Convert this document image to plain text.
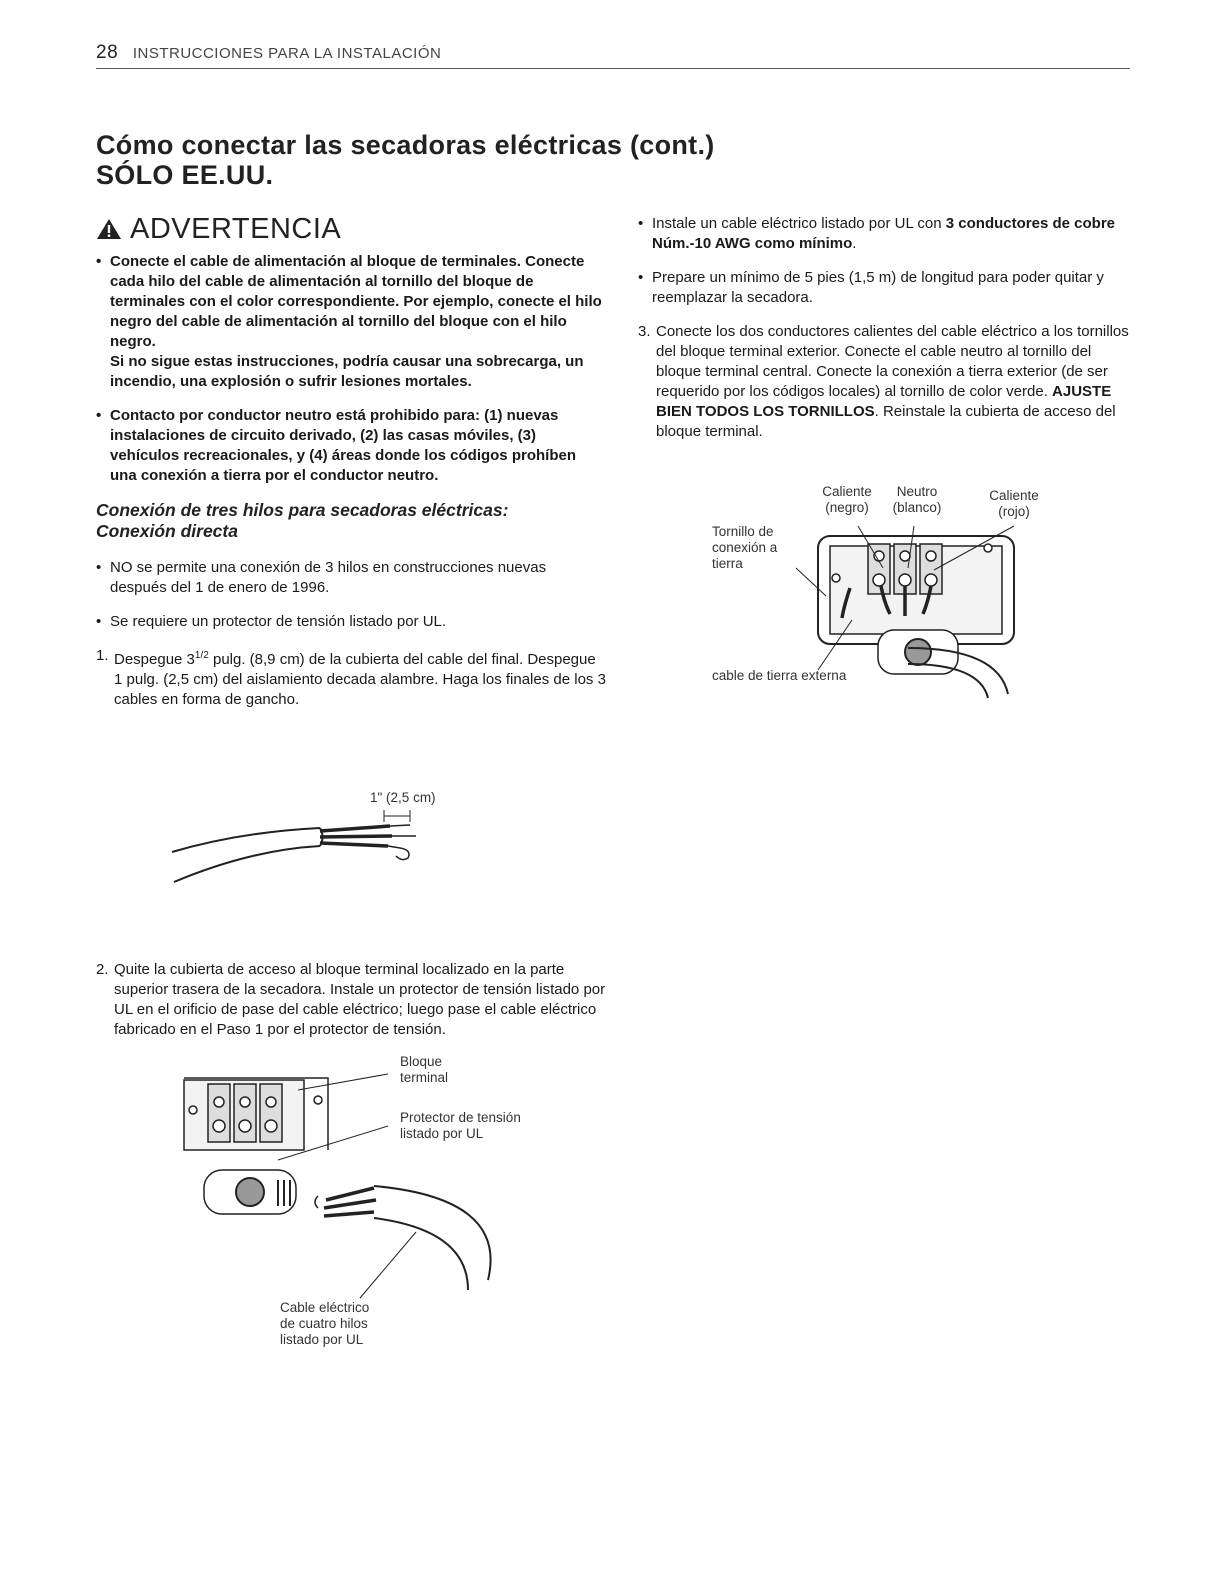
28 INSTRUCCIONES PARA LA INSTALACIÓN
Cómo conectar las secadoras eléctricas (cont.)
SÓLO EE.UU.
ADVERTENCIA
• Conecte el cable de alimentación al bloque de terminales. Conecte cada hilo del cable de alimentación al tornillo del bloque de terminales con el color correspondiente. Por ejemplo, conecte el hilo negro del cable de alimentación al tornillo del bloque con el hilo negro.

Si no sigue estas instrucciones, podría causar una sobrecarga, un incendio, una explosión o sufrir lesiones mortales.

• Contacto por conductor neutro está prohibido para: (1) nuevas instalaciones de circuito derivado, (2) las casas móviles, (3) vehículos recreacionales, y (4) áreas donde los códigos prohíben una conexión a tierra por el conductor neutro.

Conexión de tres hilos para secadoras eléctricas:
Conexión directa
• NO se permite una conexión de 3 hilos en construcciones nuevas después del 1 de enero de 1996.

• Se requiere un protector de tensión listado por UL.

1. Despegue $3^{1/2}$ pulg. (8,9 cm) de la cubierta del cable del final. Despegue 1 pulg. (2,5 cm) del aislamiento decada alambre. Haga los finales de los 3 cables en forma de gancho.

1" (2,5 cm)
2. Quite la cubierta de acceso al bloque terminal localizado en la parte superior trasera de la secadora. Instale un protector de tensión listado por UL en el orificio de pase del cable eléctrico; luego pase el cable eléctrico fabricado en el Paso 1 por el protector de tensión.

Bloque terminal
Protector de tensión listado por UL
Cable eléctrico de cuatro hilos listado por UL
• Instale un cable eléctrico listado por UL con 3 conductores de cobre Núm.-10 AWG como mínimo.

• Prepare un mínimo de 5 pies (1,5 m) de longitud para poder quitar y reemplazar la secadora.

3. Conecte los dos conductores calientes del cable eléctrico a los tornillos del bloque terminal exterior. Conecte el cable neutro al tornillo del bloque terminal central. Conecte la conexión a tierra exterior (de ser requerido por los códigos locales) al tornillo de color verde. AJUSTE BIEN TODOS LOS TORNILLOS. Reinstale la cubierta de acceso del bloque terminal.

Caliente (negro)
Neutro (blanco)
Caliente (rojo)
Tornillo de conexión a tierra
cable de tierra externa
